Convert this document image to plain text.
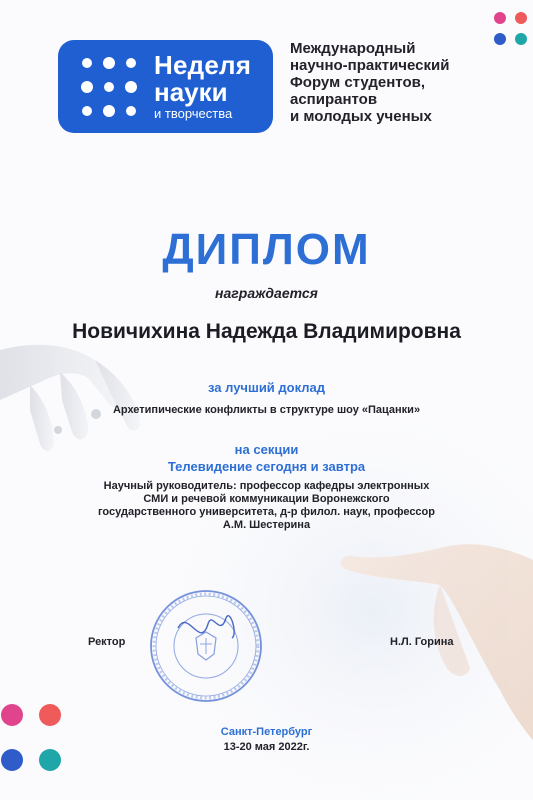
Неделя
науки
и творчества
Международный
научно-практический
Форум студентов,
аспирантов
и молодых ученых
ДИПЛОМ
награждается
Новичихина Надежда Владимировна
за лучший доклад
Архетипические конфликты в структуре шоу «Пацанки»
на секции
Телевидение сегодня и завтра
Научный руководитель: профессор кафедры электронных
СМИ и речевой коммуникации Воронежского
государственного университета, д-р филол. наук, профессор
А.М. Шестерина
Ректор	Н.Л. Горина
Санкт-Петербург
13-20 мая 2022г.
